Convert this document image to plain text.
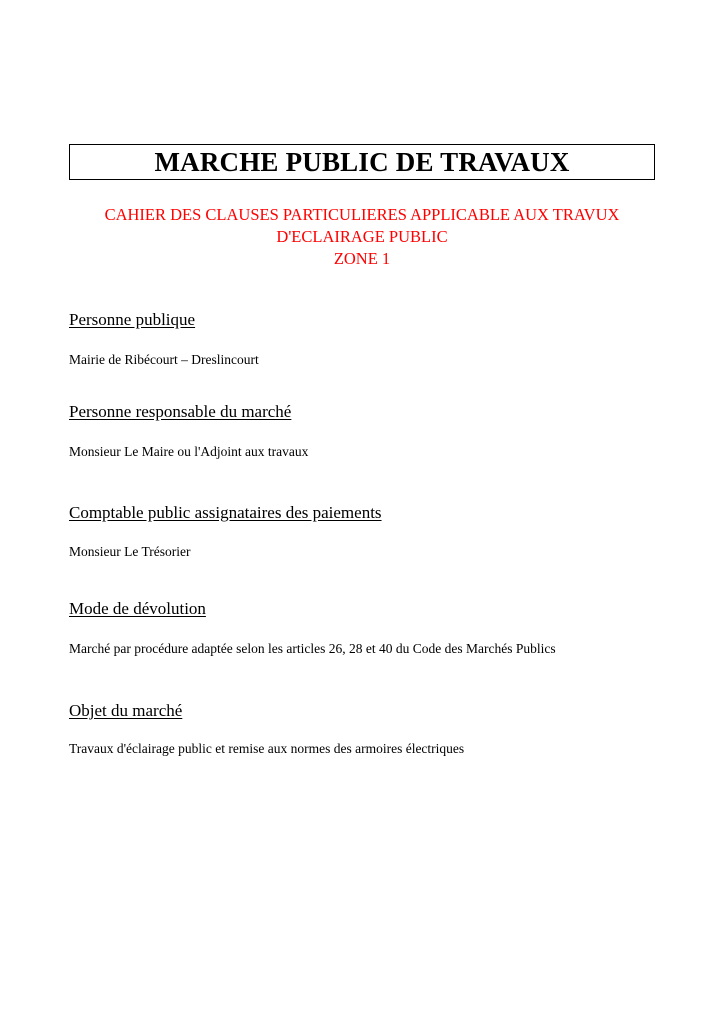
MARCHE PUBLIC DE TRAVAUX
CAHIER DES CLAUSES PARTICULIERES APPLICABLE AUX TRAVUX
D'ECLAIRAGE PUBLIC
ZONE 1
Personne publique
Mairie de Ribécourt – Dreslincourt
Personne responsable du marché
Monsieur Le Maire ou l'Adjoint aux travaux
Comptable public assignataires des paiements
Monsieur Le Trésorier
Mode de dévolution
Marché par procédure adaptée selon les articles 26, 28 et 40 du Code des Marchés Publics
Objet du marché
Travaux d'éclairage public et remise aux normes des armoires électriques
